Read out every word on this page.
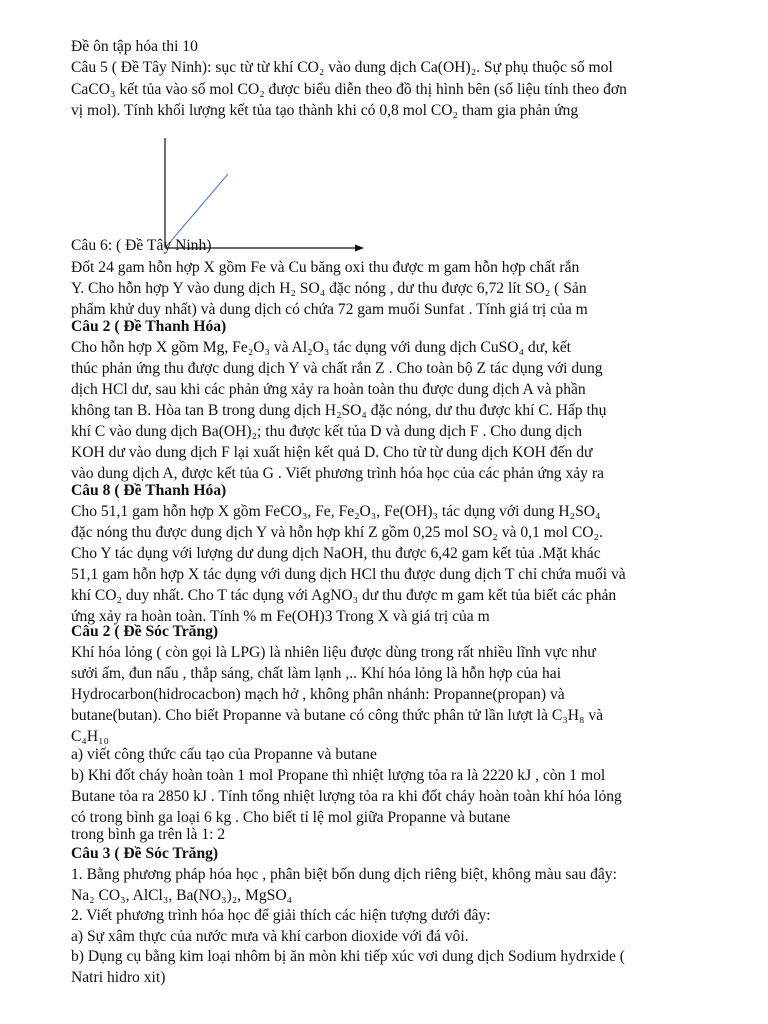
Đề ôn tập hóa thi 10
Câu 5 ( Đề Tây Ninh): sục từ từ khí CO₂ vào dung dịch Ca(OH)₂. Sự phụ thuộc số mol
CaCO₃ kết tủa vào số mol CO₂ được biểu diễn theo đồ thị hình bên (số liệu tính theo đơn
vị mol). Tính khối lượng kết tủa tạo thành khi có 0,8 mol CO₂ tham gia phản ứng
Câu 6: ( Đề Tây Ninh)
Đốt 24 gam hỗn hợp X gồm Fe và Cu băng oxi thu được m gam hỗn hợp chất rắn
Y. Cho hỗn hợp Y vào dung dịch H₂ SO₄ đặc nóng , dư thu được 6,72 lít SO₂ ( Sản
phẩm khử duy nhất) và dung dịch có chứa 72 gam muối Sunfat . Tính giá trị của m
Câu 2 ( Đề Thanh Hóa)
Cho hỗn hợp X gồm Mg, Fe₂O₃ và Al₂O₃ tác dụng với dung dịch CuSO₄ dư, kết
thúc phản ứng thu được dung dịch Y và chất rắn Z . Cho toàn bộ Z tác dụng với dung
dịch HCl dư, sau khi các phản ứng xảy ra hoàn toàn thu được dung dịch A và phần
không tan B. Hòa tan B trong dung dịch H₂SO₄ đặc nóng, dư thu được khí C. Hấp thụ
khí C vào dung dịch Ba(OH)₂; thu được kết tủa D và dung dịch F . Cho dung dịch
KOH dư vào dung dịch F lại xuất hiện kết quả D. Cho từ từ dung dịch KOH đến dư
vào dung dịch A, được kết tủa G . Viết phương trình hóa học của các phản ứng xảy ra
Câu 8 ( Đề Thanh Hóa)
Cho 51,1 gam hỗn hợp X gồm FeCO₃, Fe, Fe₂O₃, Fe(OH)₃ tác dụng với dung H₂SO₄
đặc nóng thu được dung dịch Y và hỗn hợp khí Z gồm 0,25 mol SO₂ và 0,1 mol CO₂.
Cho Y tác dụng với lượng dư dung dịch NaOH, thu được 6,42 gam kết tủa .Mặt khác
51,1 gam hỗn hợp X tác dụng với dung dịch HCl thu được dung dịch T chỉ chứa muối và
khí CO₂ duy nhất. Cho T tác dụng với AgNO₃ dư thu được m gam kết tủa biết các phản
ứng xảy ra hoàn toàn. Tính % m Fe(OH)3 Trong X và giá trị của m
Câu 2 ( Đề Sóc Trăng)
Khí hóa lỏng ( còn gọi là LPG) là nhiên liệu được dùng trong rất nhiều lĩnh vực như
sưởi ấm, đun nấu , thắp sáng, chất làm lạnh ,.. Khí hóa lỏng là hỗn hợp của hai
Hydrocarbon(hidrocacbon) mạch hở , không phân nhánh: Propanne(propan) và
butane(butan). Cho biết Propanne và butane có công thức phân tử lần lượt là C₃H₈ và
C₄H₁₀
a) viết công thức cấu tạo của Propanne và butane
b) Khi đốt cháy hoàn toàn 1 mol Propane thì nhiệt lượng tỏa ra là 2220 kJ , còn 1 mol
Butane tỏa ra 2850 kJ . Tính tổng nhiệt lượng tỏa ra khi đốt cháy hoàn toàn khí hóa lỏng
có trong bình ga loại 6 kg . Cho biết tỉ lệ mol giữa Propanne và butane
trong bình ga trên là 1: 2
Câu 3 ( Đề Sóc Trăng)
1. Bằng phương pháp hóa học , phân biệt bốn dung dịch riêng biệt, không màu sau đây:
Na₂ CO₃, AlCl₃, Ba(NO₃)₂, MgSO₄
2. Viết phương trình hóa học để giải thích các hiện tượng dưới đây:
a) Sự xâm thực của nước mưa và khí carbon dioxide với đá vôi.
b) Dụng cụ bằng kim loại nhôm bị ăn mòn khi tiếp xúc vơi dung dịch Sodium hydrxide (
Natri hidro xit)
